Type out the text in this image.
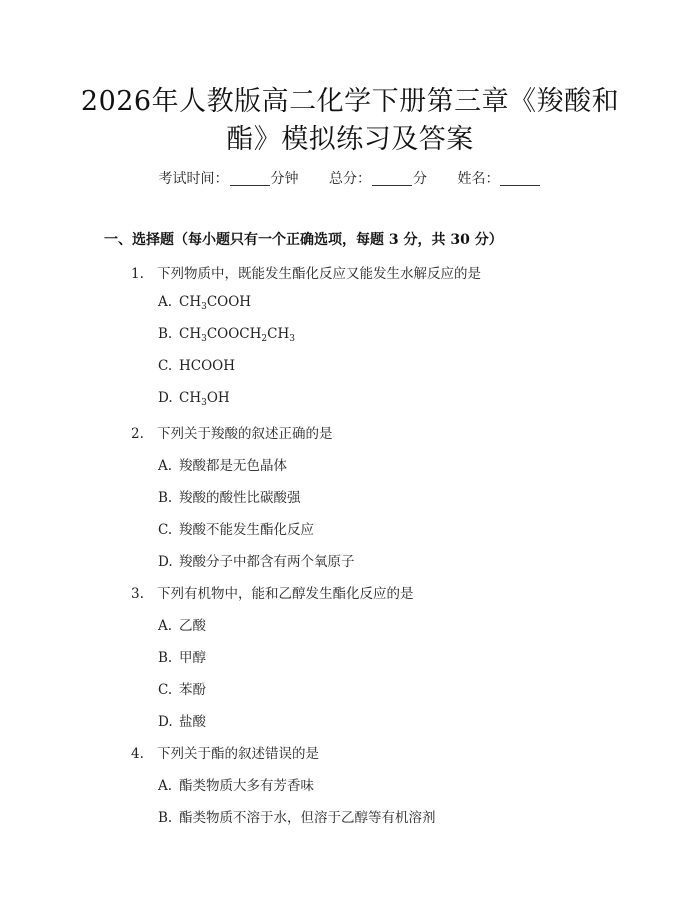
2026年人教版高二化学下册第三章《羧酸和
酯》模拟练习及答案
考试时间：	分钟 总分：	分 姓名：
一、选择题（每小题只有一个正确选项，每题 3 分，共 30 分）
1. 下列物质中，既能发生酯化反应又能发生水解反应的是
A. $CH_3COOH$
B. $CH_3COOCH_2CH_3$
C. HCOOH
D. $CH_3OH$
2. 下列关于羧酸的叙述正确的是
A. 羧酸都是无色晶体
B. 羧酸的酸性比碳酸强
C. 羧酸不能发生酯化反应
D. 羧酸分子中都含有两个氧原子
3. 下列有机物中，能和乙醇发生酯化反应的是
A. 乙酸
B. 甲醇
C. 苯酚
D. 盐酸
4. 下列关于酯的叙述错误的是
A. 酯类物质大多有芳香味
B. 酯类物质不溶于水，但溶于乙醇等有机溶剂
